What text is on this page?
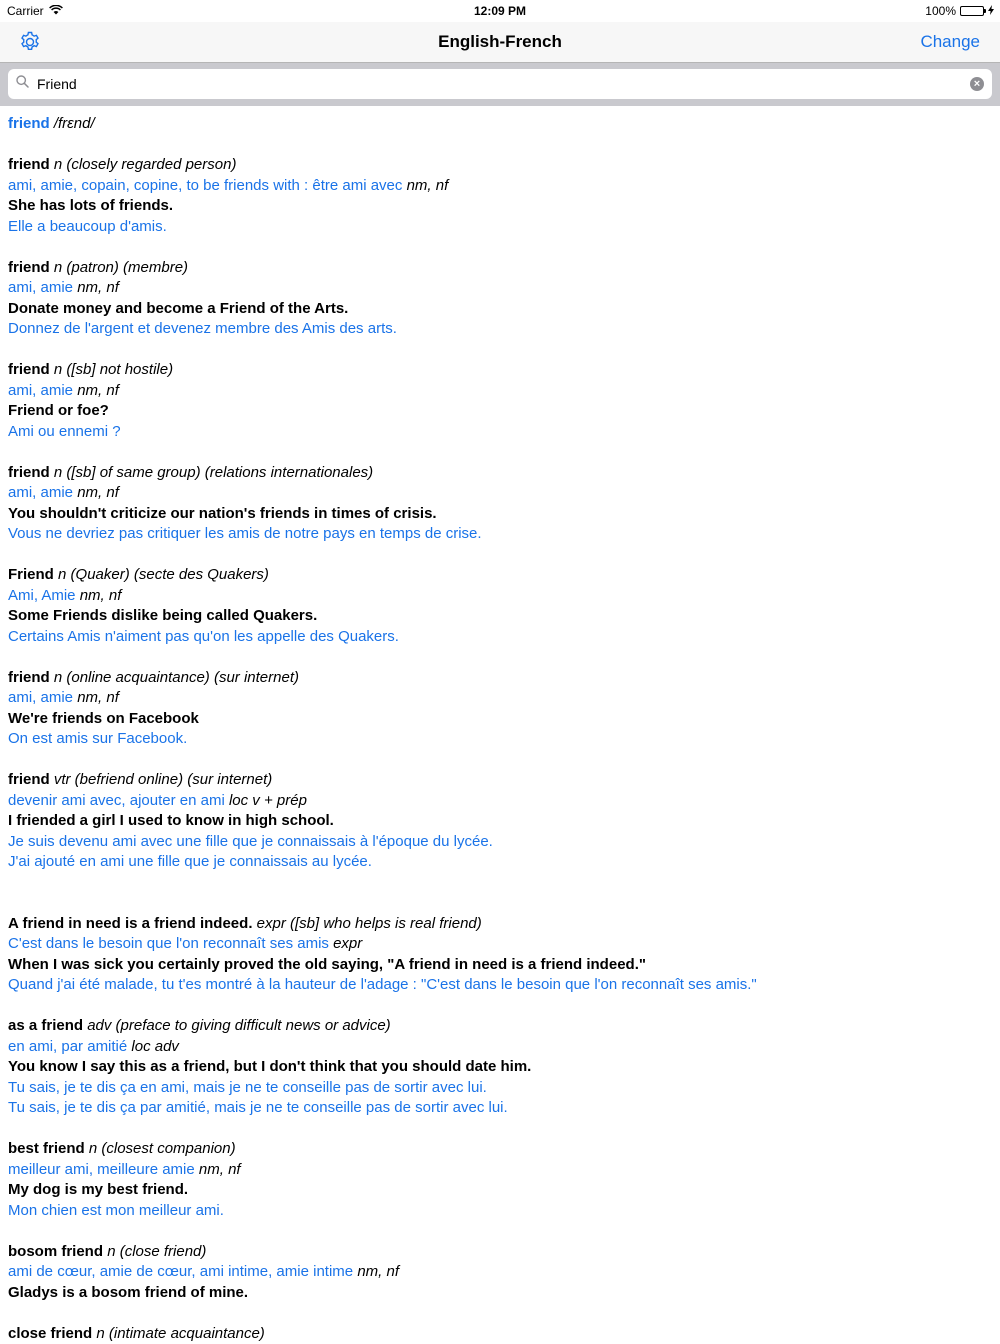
Carrier	12:09 PM	100%
English-French	Change
Friend
×
friend /frɛnd/
friend n (closely regarded person)
ami, amie, copain, copine, to be friends with : être ami avec nm, nf
She has lots of friends.
Elle a beaucoup d'amis.
friend n (patron) (membre)
ami, amie nm, nf
Donate money and become a Friend of the Arts.
Donnez de l'argent et devenez membre des Amis des arts.
friend n ([sb] not hostile)
ami, amie nm, nf
Friend or foe?
Ami ou ennemi ?
friend n ([sb] of same group) (relations internationales)
ami, amie nm, nf
You shouldn't criticize our nation's friends in times of crisis.
Vous ne devriez pas critiquer les amis de notre pays en temps de crise.
Friend n (Quaker) (secte des Quakers)
Ami, Amie nm, nf
Some Friends dislike being called Quakers.
Certains Amis n'aiment pas qu'on les appelle des Quakers.
friend n (online acquaintance) (sur internet)
ami, amie nm, nf
We're friends on Facebook
On est amis sur Facebook.
friend vtr (befriend online) (sur internet)
devenir ami avec, ajouter en ami loc v + prép
I friended a girl I used to know in high school.
Je suis devenu ami avec une fille que je connaissais à l'époque du lycée.
J'ai ajouté en ami une fille que je connaissais au lycée.
A friend in need is a friend indeed. expr ([sb] who helps is real friend)
C'est dans le besoin que l'on reconnaît ses amis expr
When I was sick you certainly proved the old saying, "A friend in need is a friend indeed."
Quand j'ai été malade, tu t'es montré à la hauteur de l'adage : "C'est dans le besoin que l'on reconnaît ses amis."
as a friend adv (preface to giving difficult news or advice)
en ami, par amitié loc adv
You know I say this as a friend, but I don't think that you should date him.
Tu sais, je te dis ça en ami, mais je ne te conseille pas de sortir avec lui.
Tu sais, je te dis ça par amitié, mais je ne te conseille pas de sortir avec lui.
best friend n (closest companion)
meilleur ami, meilleure amie nm, nf
My dog is my best friend.
Mon chien est mon meilleur ami.
bosom friend n (close friend)
ami de cœur, amie de cœur, ami intime, amie intime nm, nf
Gladys is a bosom friend of mine.
close friend n (intimate acquaintance)
